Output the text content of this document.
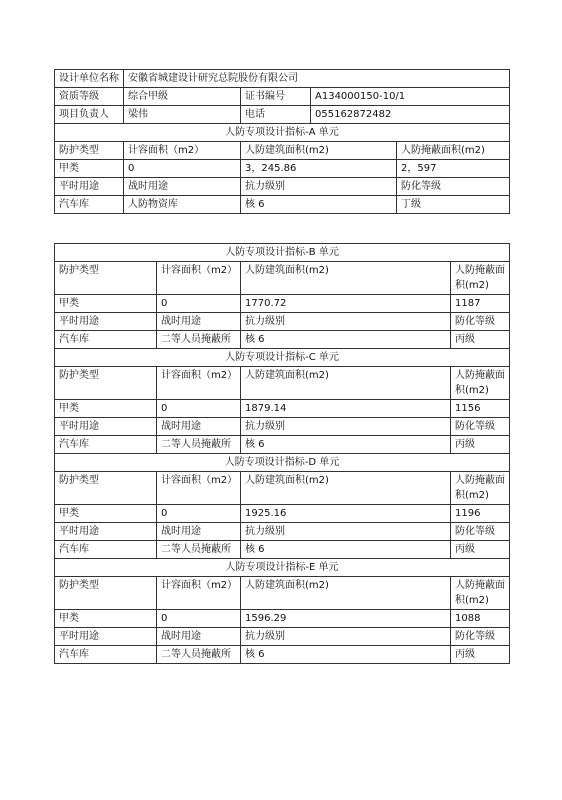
设计单位名称	安徽省城建设计研究总院股份有限公司			
资质等级	综合甲级	证书编号	A134000150-10/1	
项目负责人	梁伟	电话	055162872482	
人防专项设计指标-A 单元				
防护类型	计容面积（m2）	人防建筑面积(m2)		人防掩蔽面积(m2)
甲类	0	3，245.86		2，597
平时用途	战时用途	抗力级别		防化等级
汽车库	人防物资库	核 6		丁级
人防专项设计指标-B 单元			
防护类型	计容面积（m2）	人防建筑面积(m2)	人防掩蔽面积(m2)
甲类	0	1770.72	1187
平时用途	战时用途	抗力级别	防化等级
汽车库	二等人员掩蔽所	核 6	丙级
人防专项设计指标-C 单元			
防护类型	计容面积（m2）	人防建筑面积(m2)	人防掩蔽面积(m2)
甲类	0	1879.14	1156
平时用途	战时用途	抗力级别	防化等级
汽车库	二等人员掩蔽所	核 6	丙级
人防专项设计指标-D 单元			
防护类型	计容面积（m2）	人防建筑面积(m2)	人防掩蔽面积(m2)
甲类	0	1925.16	1196
平时用途	战时用途	抗力级别	防化等级
汽车库	二等人员掩蔽所	核 6	丙级
人防专项设计指标-E 单元			
防护类型	计容面积（m2）	人防建筑面积(m2)	人防掩蔽面积(m2)
甲类	0	1596.29	1088
平时用途	战时用途	抗力级别	防化等级
汽车库	二等人员掩蔽所	核 6	丙级
